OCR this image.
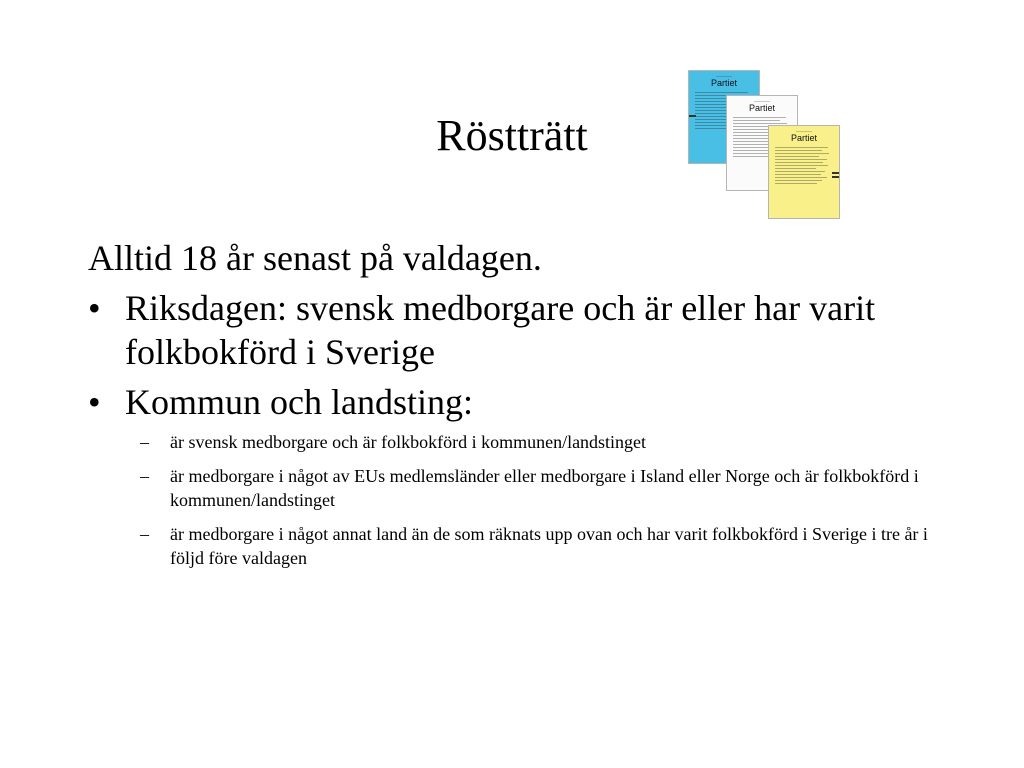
Röstträtt
————
Partiet
————
Partiet
————
Partiet

Alltid 18 år senast på valdagen.

• Riksdagen: svensk medborgare och är eller har varit folkbokförd i Sverige
• Kommun och landsting:
– är svensk medborgare och är folkbokförd i kommunen/landstinget
– är medborgare i något av EUs medlemsländer eller medborgare i Island eller Norge och är folkbokförd i kommunen/landstinget
– är medborgare i något annat land än de som räknats upp ovan och har varit folkbokförd i Sverige i tre år i följd före valdagen
